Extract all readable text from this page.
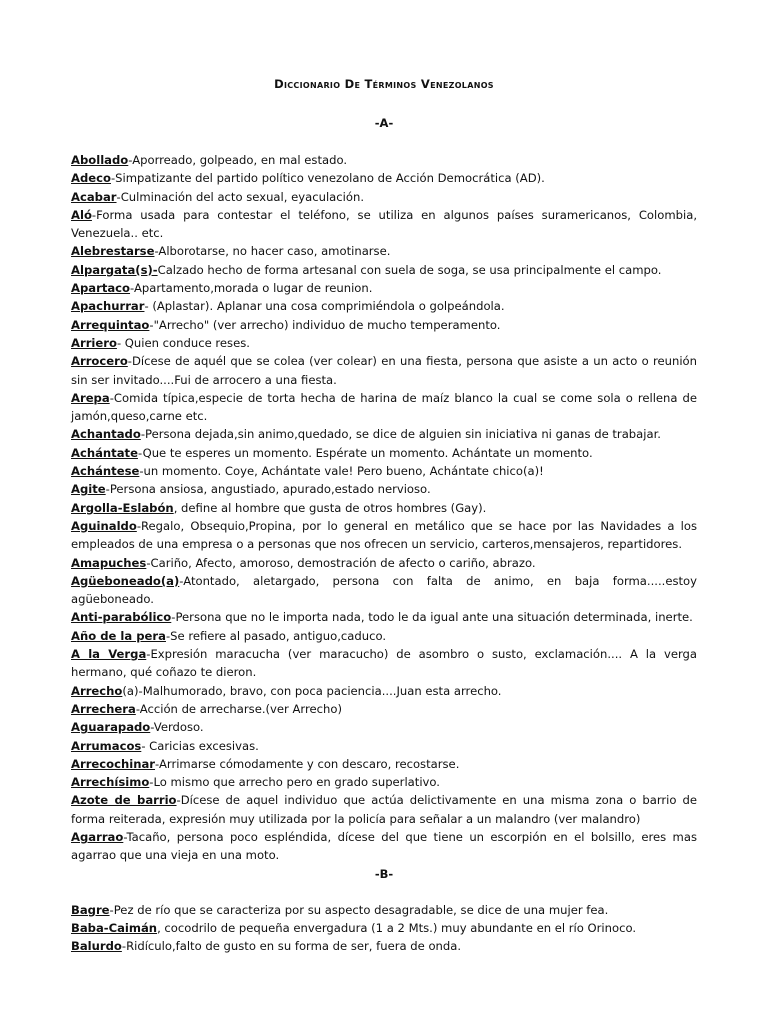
Diccionario De Términos Venezolanos
-A-

Abollado-Aporreado, golpeado, en mal estado.

Adeco-Simpatizante del partido político venezolano de Acción Democrática (AD).

Acabar-Culminación del acto sexual, eyaculación.

Aló-Forma usada para contestar el teléfono, se utiliza en algunos países suramericanos, Colombia, Venezuela.. etc.

Alebrestarse-Alborotarse, no hacer caso, amotinarse.

Alpargata(s)-Calzado hecho de forma artesanal con suela de soga, se usa principalmente el campo.

Apartaco-Apartamento,morada o lugar de reunion.

Apachurrar- (Aplastar). Aplanar una cosa comprimiéndola o golpeándola.

Arrequintao-"Arrecho" (ver arrecho) individuo de mucho temperamento.

Arriero- Quien conduce reses.

Arrocero-Dícese de aquél que se colea (ver colear) en una fiesta, persona que asiste a un acto o reunión sin ser invitado....Fui de arrocero a una fiesta.

Arepa-Comida típica,especie de torta hecha de harina de maíz blanco la cual se come sola o rellena de jamón,queso,carne etc.

Achantado-Persona dejada,sin animo,quedado, se dice de alguien sin iniciativa ni ganas de trabajar.

Achántate-Que te esperes un momento. Espérate un momento. Achántate un momento.

Achántese-un momento. Coye, Achántate vale! Pero bueno, Achántate chico(a)!

Agite-Persona ansiosa, angustiado, apurado,estado nervioso.

Argolla-Eslabón, define al hombre que gusta de otros hombres (Gay).

Aguinaldo-Regalo, Obsequio,Propina, por lo general en metálico que se hace por las Navidades a los empleados de una empresa o a personas que nos ofrecen un servicio, carteros,mensajeros, repartidores.

Amapuches-Cariño, Afecto, amoroso, demostración de afecto o cariño, abrazo.

Agüeboneado(a)-Atontado, aletargado, persona con falta de animo, en baja forma.....estoy agüeboneado.

Anti-parabólico-Persona que no le importa nada, todo le da igual ante una situación determinada, inerte.

Año de la pera-Se refiere al pasado, antiguo,caduco.

A la Verga-Expresión maracucha (ver maracucho) de asombro o susto, exclamación.... A la verga hermano, qué coñazo te dieron.

Arrecho(a)-Malhumorado, bravo, con poca paciencia....Juan esta arrecho.

Arrechera-Acción de arrecharse.(ver Arrecho)

Aguarapado-Verdoso.

Arrumacos- Caricias excesivas.

Arrecochinar-Arrimarse cómodamente y con descaro, recostarse.

Arrechísimo-Lo mismo que arrecho pero en grado superlativo.

Azote de barrio-Dícese de aquel individuo que actúa delictivamente en una misma zona o barrio de forma reiterada, expresión muy utilizada por la policía para señalar a un malandro (ver malandro)

Agarrao-Tacaño, persona poco espléndida, dícese del que tiene un escorpión en el bolsillo, eres mas agarrao que una vieja en una moto.

-B-

Bagre-Pez de río que se caracteriza por su aspecto desagradable, se dice de una mujer fea.

Baba-Caimán, cocodrilo de pequeña envergadura (1 a 2 Mts.) muy abundante en el río Orinoco.

Balurdo-Ridículo,falto de gusto en su forma de ser, fuera de onda.
